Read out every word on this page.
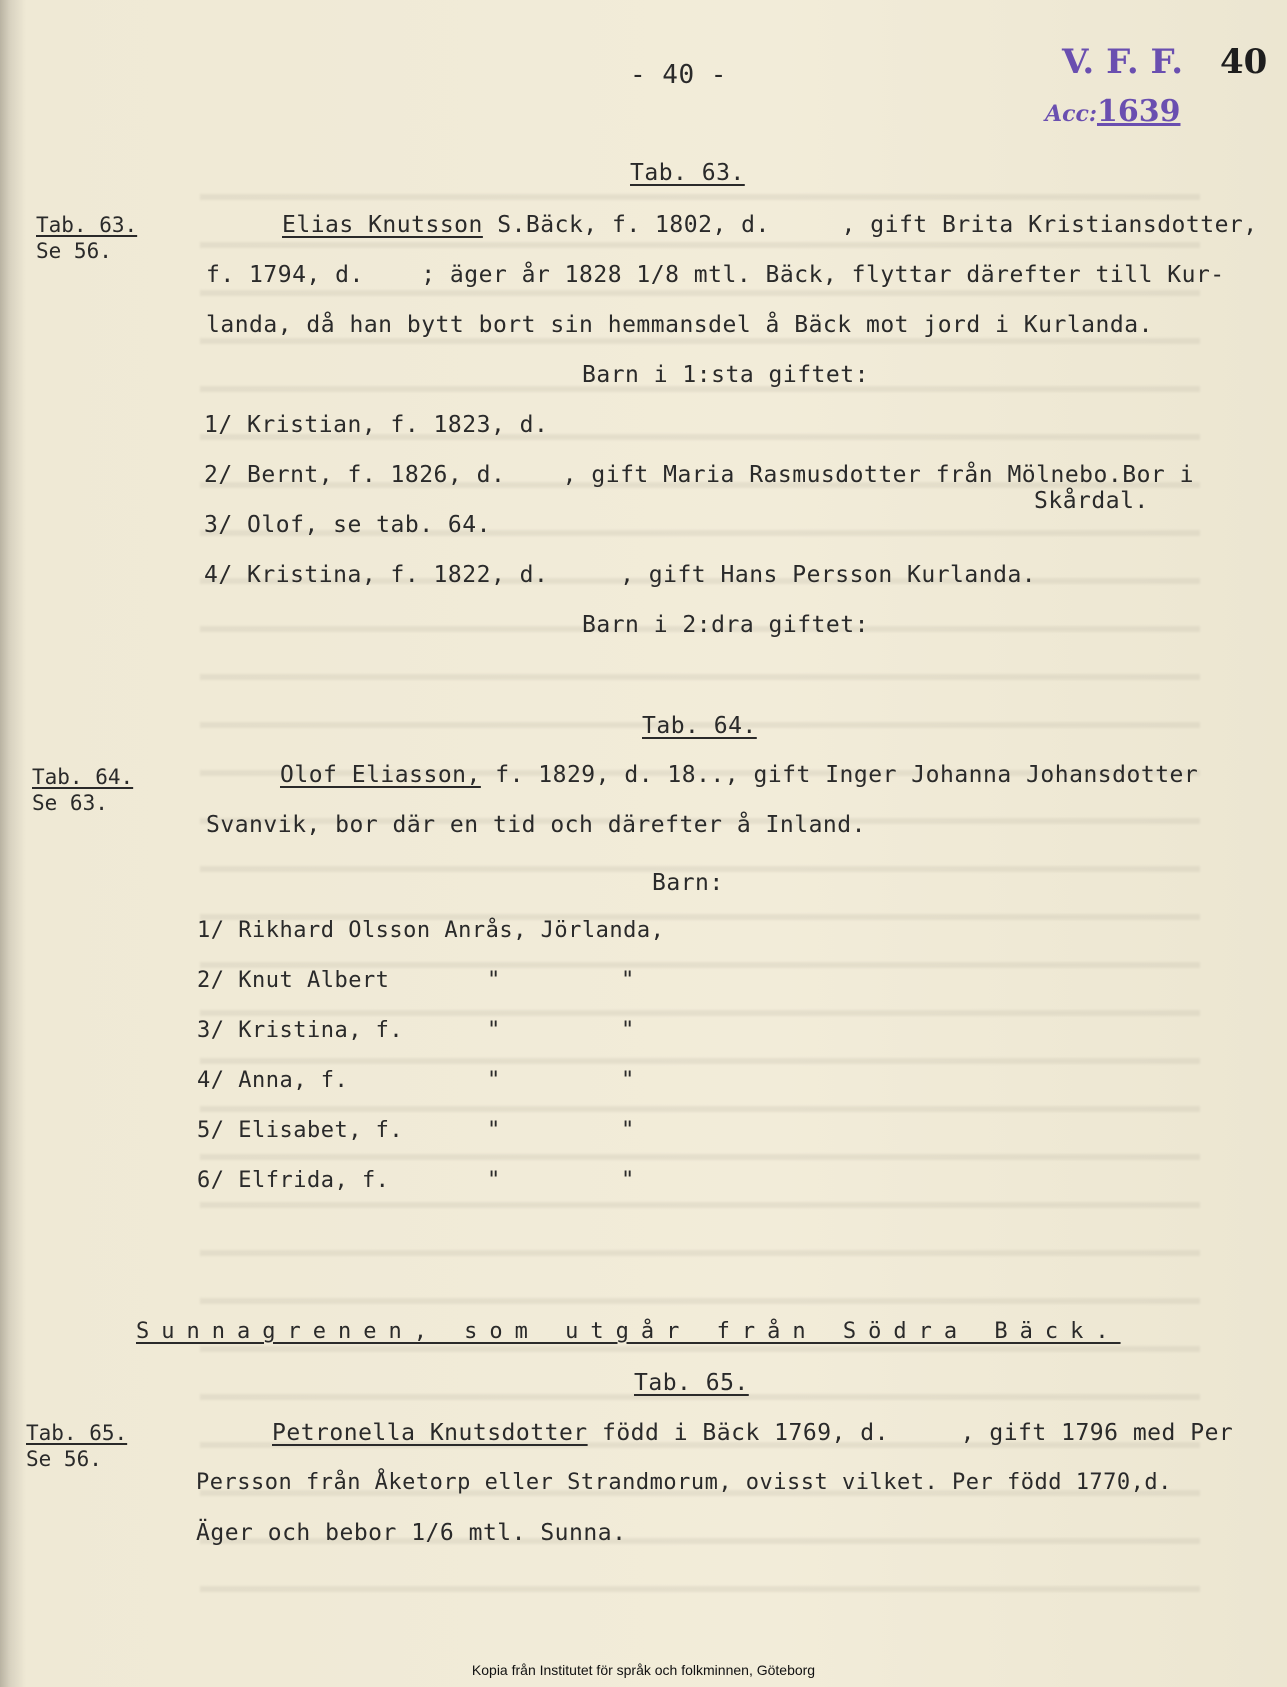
- 40 -	V. F. F. 40
Acc:1639

Tab. 63.
Se 56.

Tab. 64.
Se 63.

Tab. 65.
Se 56.

Tab. 63.
Elias Knutsson S.Bäck, f. 1802, d.     , gift Brita Kristiansdotter,
f. 1794, d.    ; äger år 1828 1/8 mtl. Bäck, flyttar därefter till Kur-
landa, då han bytt bort sin hemmansdel å Bäck mot jord i Kurlanda.
Barn i 1:sta giftet:
1/ Kristian, f. 1823, d.
2/ Bernt, f. 1826, d.    , gift Maria Rasmusdotter från Mölnebo.Bor i
Skårdal.
3/ Olof, se tab. 64.
4/ Kristina, f. 1822, d.     , gift Hans Persson Kurlanda.
Barn i 2:dra giftet:
Tab. 64.
Olof Eliasson, f. 1829, d. 18.., gift Inger Johanna Johansdotter
Svanvik, bor där en tid och därefter å Inland.
Barn:
1/ Rikhard Olsson Anrås, Jörlanda,
2/ Knut Albert	"	"
3/ Kristina, f.	"	"
4/ Anna, f.	"	"
5/ Elisabet, f.	"	"
6/ Elfrida, f.	"	"
Sunnagrenen, som utgår från Södra Bäck.
Tab. 65.
Petronella Knutsdotter född i Bäck 1769, d.     , gift 1796 med Per
Persson från Åketorp eller Strandmorum, ovisst vilket. Per född 1770,d.
Äger och bebor 1/6 mtl. Sunna.
Kopia från Institutet för språk och folkminnen, Göteborg
